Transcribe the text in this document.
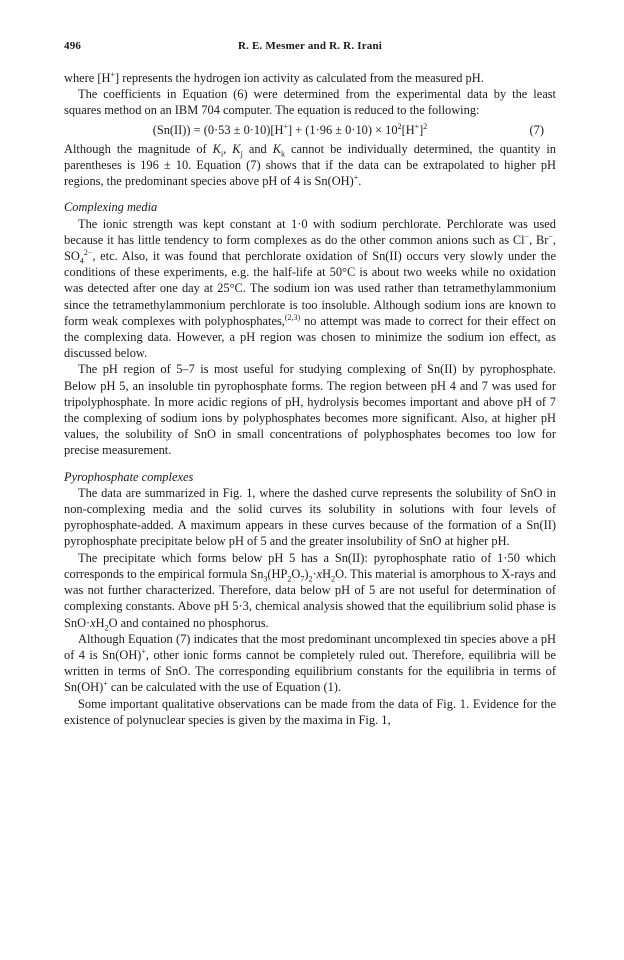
496	R. E. Mesmer and R. R. Irani

where [H+] represents the hydrogen ion activity as calculated from the measured pH.

The coefficients in Equation (6) were determined from the experimental data by the least squares method on an IBM 704 computer. The equation is reduced to the following:

$(Sn(II)) = (0\cdot 53 \pm 0\cdot 10)[H^+] + (1\cdot 96 \pm 0\cdot 10) \times 10^2[H^+]^2$	(7)

Although the magnitude of $K_i$, $K_j$ and $K_k$ cannot be individually determined, the quantity in parentheses is 196 ± 10. Equation (7) shows that if the data can be extrapolated to higher pH regions, the predominant species above pH of 4 is Sn(OH)+.

Complexing media

The ionic strength was kept constant at 1·0 with sodium perchlorate. Perchlorate was used because it has little tendency to form complexes as do the other common anions such as Cl−, Br−, $SO_4^{2-}$, etc. Also, it was found that perchlorate oxidation of Sn(II) occurs very slowly under the conditions of these experiments, e.g. the half-life at 50°C is about two weeks while no oxidation was detected after one day at 25°C. The sodium ion was used rather than tetramethylammonium since the tetramethylammonium perchlorate is too insoluble. Although sodium ions are known to form weak complexes with polyphosphates,$^{(2,3)}$ no attempt was made to correct for their effect on the complexing data. However, a pH region was chosen to minimize the sodium ion effect, as discussed below.

The pH region of 5–7 is most useful for studying complexing of Sn(II) by pyrophosphate. Below pH 5, an insoluble tin pyrophosphate forms. The region between pH 4 and 7 was used for tripolyphosphate. In more acidic regions of pH, hydrolysis becomes important and above pH of 7 the complexing of sodium ions by polyphosphates becomes more significant. Also, at higher pH values, the solubility of SnO in small concentrations of polyphosphates becomes too low for precise measurement.

Pyrophosphate complexes

The data are summarized in Fig. 1, where the dashed curve represents the solubility of SnO in non-complexing media and the solid curves its solubility in solutions with four levels of pyrophosphate-added. A maximum appears in these curves because of the formation of a Sn(II) pyrophosphate precipitate below pH of 5 and the greater insolubility of SnO at higher pH.

The precipitate which forms below pH 5 has a Sn(II): pyrophosphate ratio of 1·50 which corresponds to the empirical formula $Sn_3(HP_2O_7)_2\cdot xH_2O$. This material is amorphous to X-rays and was not further characterized. Therefore, data below pH of 5 are not useful for determination of complexing constants. Above pH 5·3, chemical analysis showed that the equilibrium solid phase is $SnO\cdot xH_2O$ and contained no phosphorus.

Although Equation (7) indicates that the most predominant uncomplexed tin species above a pH of 4 is Sn(OH)+, other ionic forms cannot be completely ruled out. Therefore, equilibria will be written in terms of SnO. The corresponding equilibrium constants for the equilibria in terms of Sn(OH)+ can be calculated with the use of Equation (1).

Some important qualitative observations can be made from the data of Fig. 1. Evidence for the existence of polynuclear species is given by the maxima in Fig. 1,
